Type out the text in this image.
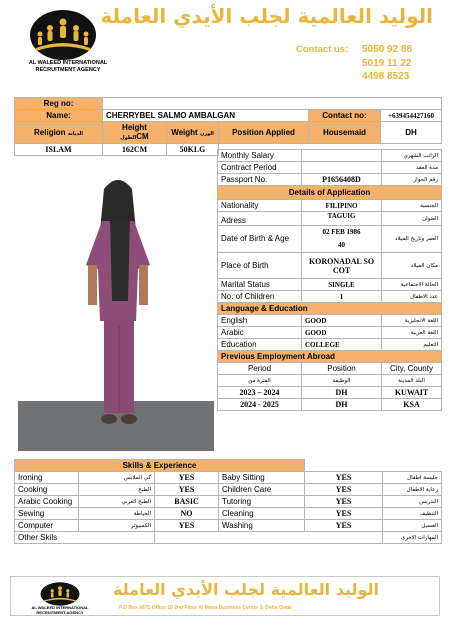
AL WALEED INTERNATIONAL
RECRUITMENT AGENCY
الوليد العالمية لجلب الأيدي العاملة
Contact us: 5050 92 88
5019 11 22
4498 8523
Reg no:					
Name:	CHERRYBEL SALMO AMBALGAN			Contact no:	+639454427160
Religion الديانة	Height
الطولCM	Weight الوزن	Position Applied	Housemaid	DH
ISLAM	162CM	50KLG			
Monthly Salary		الراتب الشهري
Contract Period		مدة العقد
Passport No.	P1656408D	رقم الجواز
Details of Application		
Nationality	FILIPINO	الجنسية
Adress	TAGUIG	العنوان
Date of Birth & Age	02 FEB 1986
40	العمر وتاريخ الميلاد
Place of Birth	KORONADAL SO COT	مكان الميلاد
Marital Status	SINGLE	الحالة الاجتماعية
No. of Children	1	عدد الاطفال
Language & Education		
English	GOOD	اللغة الانجليزية
Arabic	GOOD	اللغة العربية
Education	COLLEGE	التعليم
Previous Employment Abroad		
Period	Position	City, County
الفترة من	الوظيفة	البلد المدينة
2023 – 2024	DH	KUWAIT
2024 - 2025	DH	KSA
Skills & Experience					
Ironing	كي الملابس	YES	Baby Sitting	YES	جليسة اطفال
Cooking	الطبخ	YES	Children Care	YES	رعاية الاطفال
Arabic Cooking	الطبخ العربي	BASIC	Tutoring	YES	التدريس
Sewing	الخياطة	NO	Cleaning	YES	التنظيف
Computer	الكمبيوتر	YES	Washing	YES	الغسيل
Other Skils					المهارات الاخرى
AL WALEED INTERNATIONAL
RECRUITMENT AGENCY
الوليد العالمية لجلب الأيدي العاملة
P.O Box 6671 Office 10 2nd Floor Al Mana Business Center 3, Doha Qatar
